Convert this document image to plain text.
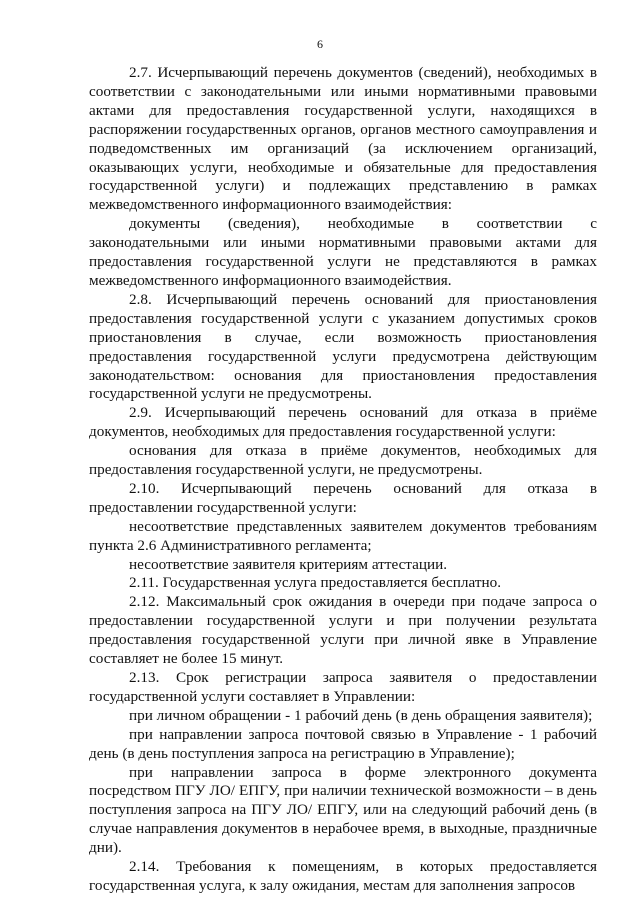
6

2.7. Исчерпывающий перечень документов (сведений), необходимых в соответствии с законодательными или иными нормативными правовыми актами для предоставления государственной услуги, находящихся в распоряжении государственных органов, органов местного самоуправления и подведомственных им организаций (за исключением организаций, оказывающих услуги, необходимые и обязательные для предоставления государственной услуги) и подлежащих представлению в рамках межведомственного информационного взаимодействия:

документы (сведения), необходимые в соответствии с законодательными или иными нормативными правовыми актами для предоставления государственной услуги не представляются в рамках межведомственного информационного взаимодействия.

2.8. Исчерпывающий перечень оснований для приостановления предоставления государственной услуги с указанием допустимых сроков приостановления в случае, если возможность приостановления предоставления государственной услуги предусмотрена действующим законодательством: основания для приостановления предоставления государственной услуги не предусмотрены.

2.9. Исчерпывающий перечень оснований для отказа в приёме документов, необходимых для предоставления государственной услуги:

основания для отказа в приёме документов, необходимых для предоставления государственной услуги, не предусмотрены.

2.10. Исчерпывающий перечень оснований для отказа в предоставлении государственной услуги:

несоответствие представленных заявителем документов требованиям пункта 2.6 Административного регламента;

несоответствие заявителя критериям аттестации.

2.11. Государственная услуга предоставляется бесплатно.

2.12. Максимальный срок ожидания в очереди при подаче запроса о предоставлении государственной услуги и при получении результата предоставления государственной услуги при личной явке в Управление составляет не более 15 минут.

2.13. Срок регистрации запроса заявителя о предоставлении государственной услуги составляет в Управлении:

при личном обращении - 1 рабочий день (в день обращения заявителя);

при направлении запроса почтовой связью в Управление - 1 рабочий день (в день поступления запроса на регистрацию в Управление);

при направлении запроса в форме электронного документа посредством ПГУ ЛО/ ЕПГУ, при наличии технической возможности – в день поступления запроса на ПГУ ЛО/ ЕПГУ, или на следующий рабочий день (в случае направления документов в нерабочее время, в выходные, праздничные дни).

2.14. Требования к помещениям, в которых предоставляется государственная услуга, к залу ожидания, местам для заполнения запросов
